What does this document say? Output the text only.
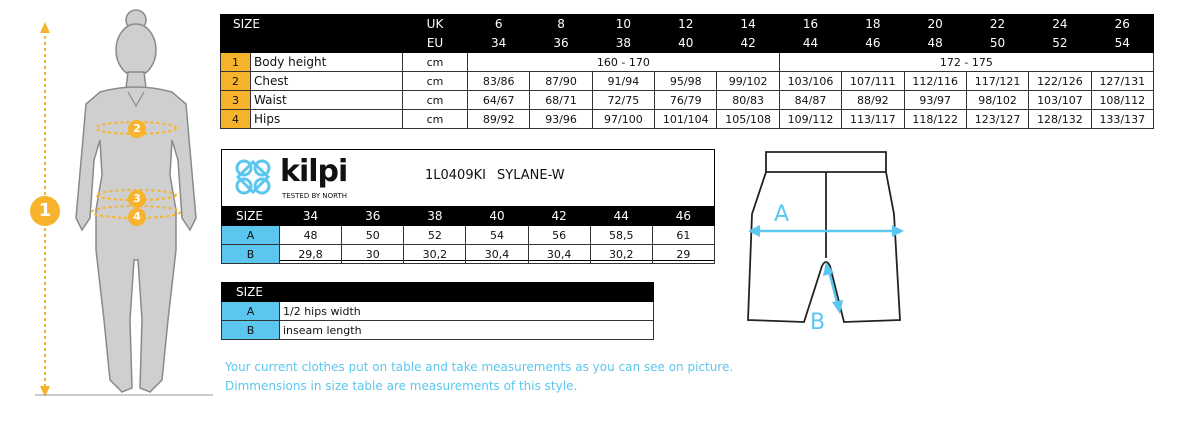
1
2
3
4
SIZE		UK	6	8	10	12	14	16	18	20	22	24	26
		EU	34	36	38	40	42	44	46	48	50	52	54
1	Body height	cm	160 - 170					172 - 175					
2	Chest	cm	83/86	87/90	91/94	95/98	99/102	103/106	107/111	112/116	117/121	122/126	127/131
3	Waist	cm	64/67	68/71	72/75	76/79	80/83	84/87	88/92	93/97	98/102	103/107	108/112
4	Hips	cm	89/92	93/96	97/100	101/104	105/108	109/112	113/117	118/122	123/127	128/132	133/137
kilpi
TESTED BY NORTH
1L0409KI SYLANE-W
SIZE	34	36	38	40	42	44	46
A	48	50	52	54	56	58,5	61
B	29,8	30	30,2	30,4	30,4	30,2	29
SIZE	
A	1/2 hips width
B	inseam length
A
B
Your current clothes put on table and take measurements as you can see on picture.
Dimmensions in size table are measurements of this style.
